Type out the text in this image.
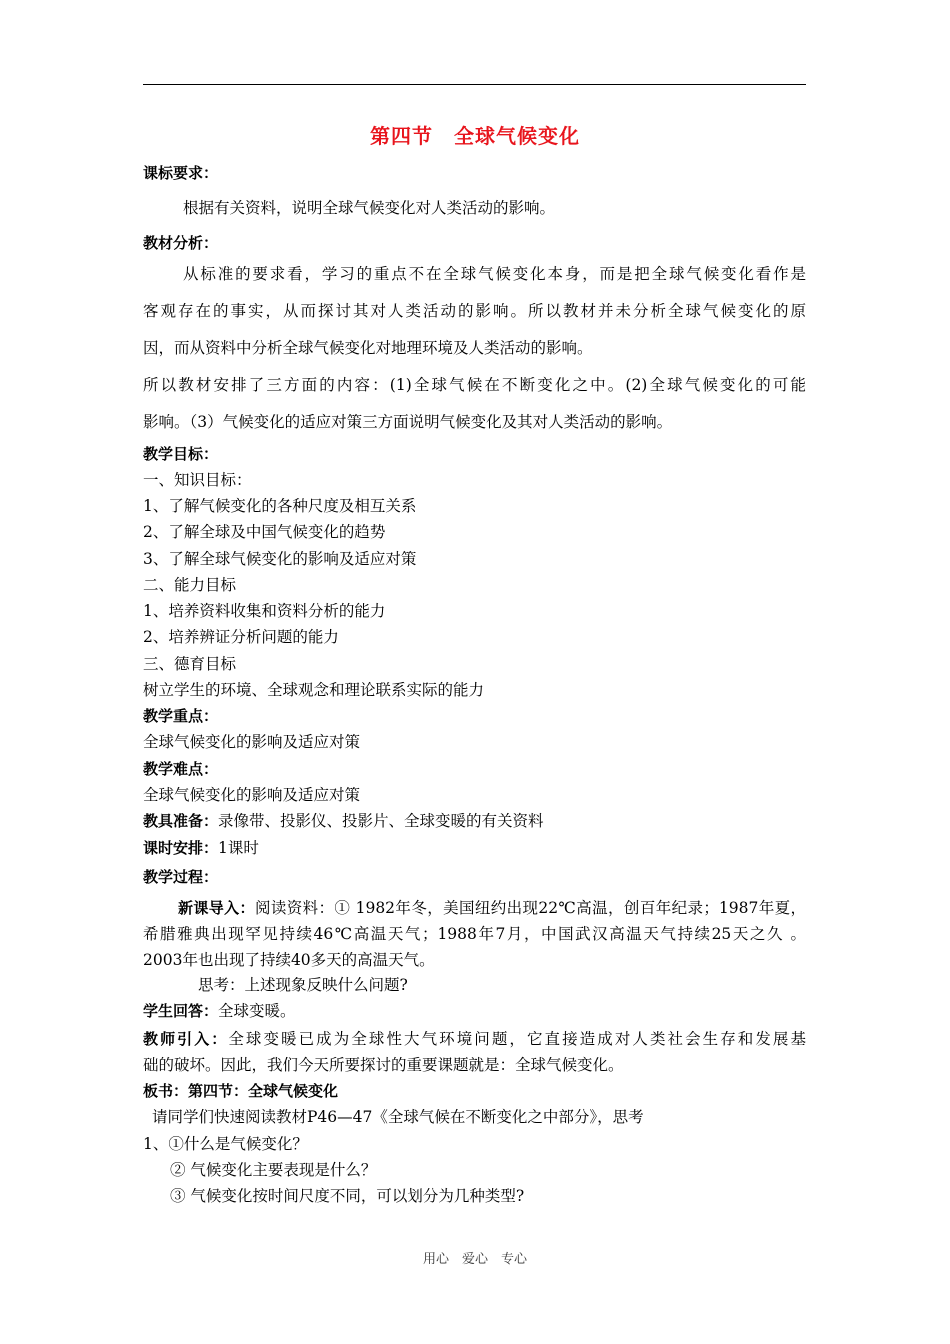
第四节　全球气候变化
课标要求：
根据有关资料，说明全球气候变化对人类活动的影响。
教材分析：
从标准的要求看，学习的重点不在全球气候变化本身，而是把全球气候变化看作是
客观存在的事实，从而探讨其对人类活动的影响。所以教材并未分析全球气候变化的原
因，而从资料中分析全球气候变化对地理环境及人类活动的影响。
所以教材安排了三方面的内容：(1)全球气候在不断变化之中。(2)全球气候变化的可能
影响。（3）气候变化的适应对策三方面说明气候变化及其对人类活动的影响。
教学目标：
一、知识目标：
1、了解气候变化的各种尺度及相互关系
2、了解全球及中国气候变化的趋势
3、了解全球气候变化的影响及适应对策
二、能力目标
1、培养资料收集和资料分析的能力
2、培养辨证分析问题的能力
三、德育目标
树立学生的环境、全球观念和理论联系实际的能力
教学重点：
全球气候变化的影响及适应对策
教学难点：
全球气候变化的影响及适应对策
教具准备：录像带、投影仪、投影片、全球变暖的有关资料
课时安排：1课时
教学过程：
新课导入：阅读资料：① 1982年冬，美国纽约出现22℃高温，创百年纪录；1987年夏，
希腊雅典出现罕见持续46℃高温天气；1988年7月，中国武汉高温天气持续25天之久 。
2003年也出现了持续40多天的高温天气。
思考：上述现象反映什么问题?
学生回答：全球变暖。
教师引入：全球变暖已成为全球性大气环境问题，它直接造成对人类社会生存和发展基
础的破坏。因此，我们今天所要探讨的重要课题就是：全球气候变化。
板书：第四节：全球气候变化
请同学们快速阅读教材P46—47《全球气候在不断变化之中部分》，思考
1、①什么是气候变化？
② 气候变化主要表现是什么？
③ 气候变化按时间尺度不同，可以划分为几种类型?
用心　爱心　专心
